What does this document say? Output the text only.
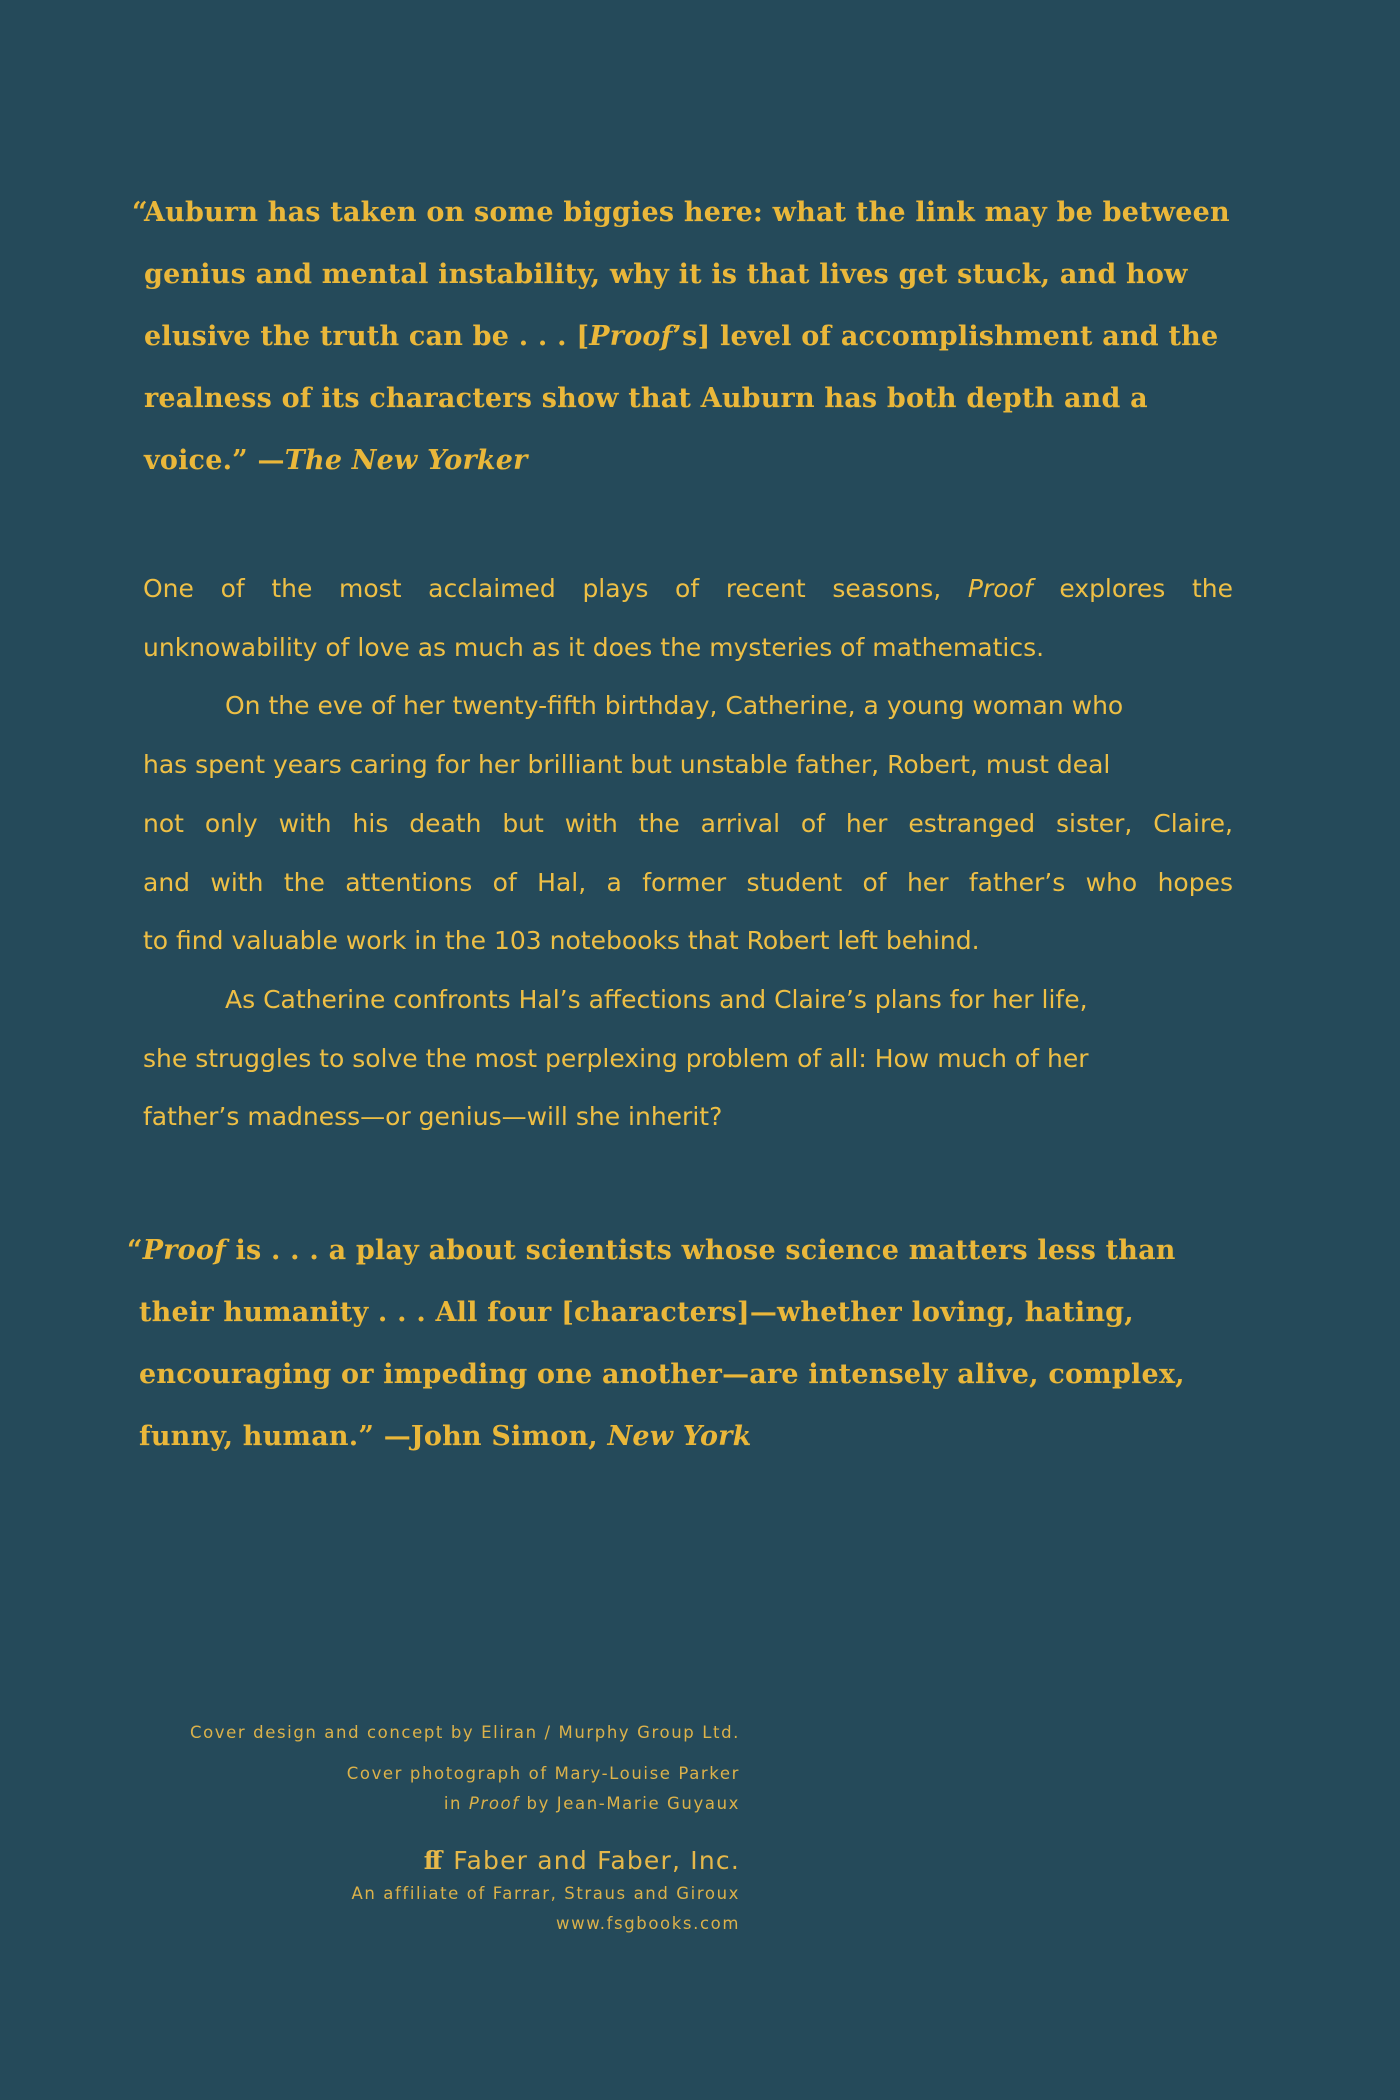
“Auburn has taken on some biggies here: what the link may be between
genius and mental instability, why it is that lives get stuck, and how
elusive the truth can be . . . [Proof’s] level of accomplishment and the
realness of its characters show that Auburn has both depth and a
voice.” —The New Yorker
One of the most acclaimed plays of recent seasons, Proof explores the
unknowability of love as much as it does the mysteries of mathematics.
On the eve of her twenty-fifth birthday, Catherine, a young woman who
has spent years caring for her brilliant but unstable father, Robert, must deal
not only with his death but with the arrival of her estranged sister, Claire,
and with the attentions of Hal, a former student of her father’s who hopes
to find valuable work in the 103 notebooks that Robert left behind.
As Catherine confronts Hal’s affections and Claire’s plans for her life,
she struggles to solve the most perplexing problem of all: How much of her
father’s madness—or genius—will she inherit?
“Proof is . . . a play about scientists whose science matters less than
their humanity . . . All four [characters]—whether loving, hating,
encouraging or impeding one another—are intensely alive, complex,
funny, human.” —John Simon, New York
Cover design and concept by Eliran / Murphy Group Ltd.
Cover photograph of Mary-Louise Parker
in Proof by Jean-Marie Guyaux
ff Faber and Faber, Inc.
An affiliate of Farrar, Straus and Giroux
www.fsgbooks.com
